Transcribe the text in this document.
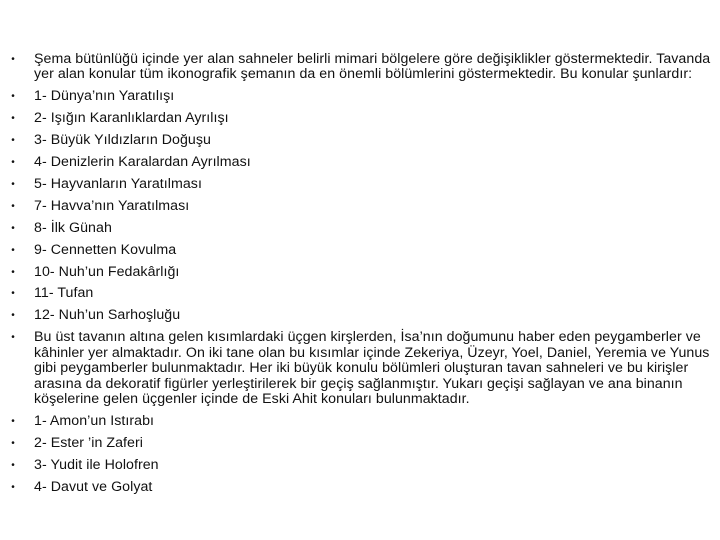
•	Şema bütünlüğü içinde yer alan sahneler belirli mimari bölgelere göre değişiklikler göstermektedir. Tavanda yer alan konular tüm ikonografik şemanın da en önemli bölümlerini göstermektedir. Bu konular şunlardır:
•	1- Dünya’nın Yaratılışı
•	2- Işığın Karanlıklardan Ayrılışı
•	3- Büyük Yıldızların Doğuşu
•	4- Denizlerin Karalardan Ayrılması
•	5- Hayvanların Yaratılması
•	7- Havva’nın Yaratılması
•	8- İlk Günah
•	9- Cennetten Kovulma
•	10- Nuh’un Fedakârlığı
•	11- Tufan
•	12- Nuh’un Sarhoşluğu
•	Bu üst tavanın altına gelen kısımlardaki üçgen kirşlerden, İsa’nın doğumunu haber eden peygamberler ve kâhinler yer almaktadır. On iki tane olan bu kısımlar içinde Zekeriya, Üzeyr, Yoel, Daniel, Yeremia ve Yunus gibi peygamberler bulunmaktadır. Her iki büyük konulu bölümleri oluşturan tavan sahneleri ve bu kirişler arasına da dekoratif figürler yerleştirilerek bir geçiş sağlanmıştır. Yukarı geçişi sağlayan ve ana binanın köşelerine gelen üçgenler içinde de Eski Ahit konuları bulunmaktadır.
•	1- Amon’un Istırabı
•	2- Ester ’in Zaferi
•	3- Yudit ile Holofren
•	4- Davut ve Golyat
